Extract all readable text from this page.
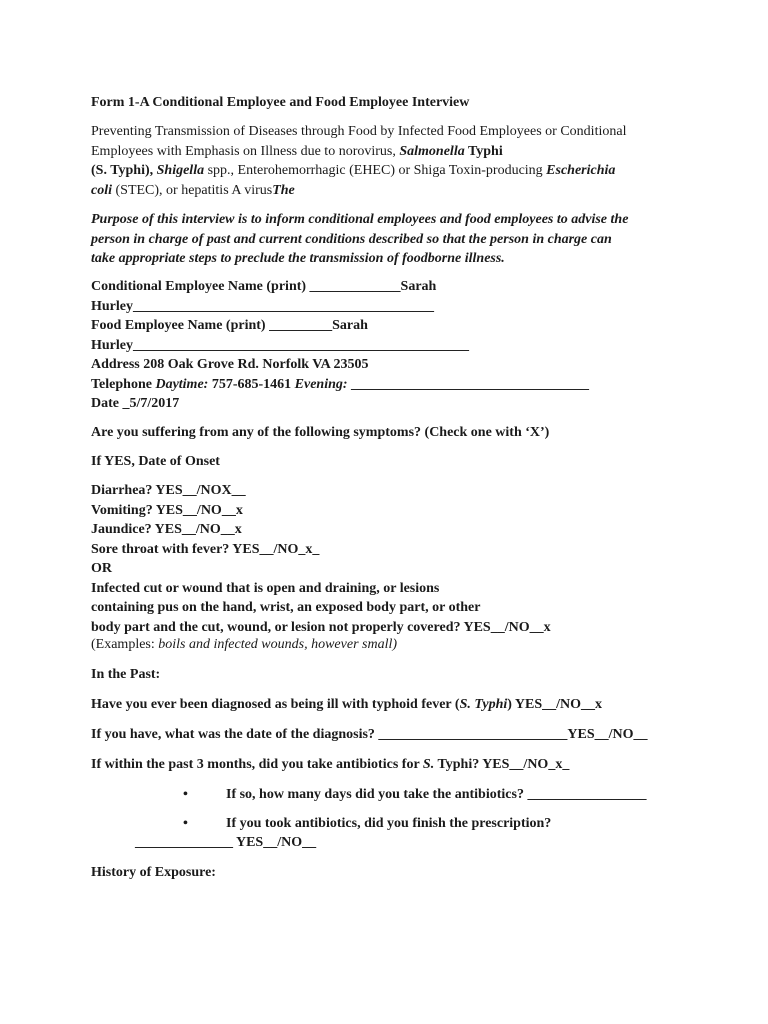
Form 1-A Conditional Employee and Food Employee Interview
Preventing Transmission of Diseases through Food by Infected Food Employees or Conditional
Employees with Emphasis on Illness due to norovirus, Salmonella Typhi
(S. Typhi), Shigella spp., Enterohemorrhagic (EHEC) or Shiga Toxin-producing Escherichia
coli (STEC), or hepatitis A virusThe
Purpose of this interview is to inform conditional employees and food employees to advise the
person in charge of past and current conditions described so that the person in charge can
take appropriate steps to preclude the transmission of foodborne illness.
Conditional Employee Name (print) _____________Sarah
Hurley___________________________________________
Food Employee Name (print) _________Sarah
Hurley________________________________________________
Address 208 Oak Grove Rd. Norfolk VA 23505
Telephone Daytime: 757-685-1461 Evening: __________________________________
Date _5/7/2017
Are you suffering from any of the following symptoms? (Check one with ‘X’)
If YES, Date of Onset
Diarrhea? YES__/NOX__
Vomiting? YES__/NO__x
Jaundice? YES__/NO__x
Sore throat with fever? YES__/NO_x_
OR
Infected cut or wound that is open and draining, or lesions
containing pus on the hand, wrist, an exposed body part, or other
body part and the cut, wound, or lesion not properly covered? YES__/NO__x
(Examples: boils and infected wounds, however small)
In the Past:
Have you ever been diagnosed as being ill with typhoid fever (S. Typhi) YES__/NO__x
If you have, what was the date of the diagnosis? ___________________________YES__/NO__
If within the past 3 months, did you take antibiotics for S. Typhi? YES__/NO_x_
•	If so, how many days did you take the antibiotics? _________________
•	If you took antibiotics, did you finish the prescription?
______________ YES__/NO__
History of Exposure:
